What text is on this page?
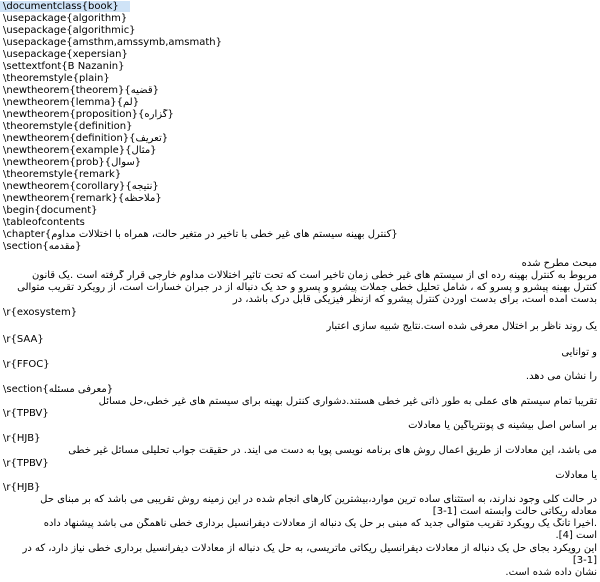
\documentclass{book}
\usepackage{algorithm}
\usepackage{algorithmic}
\usepackage{amsthm,amssymb,amsmath}
\usepackage{xepersian}
\settextfont{B Nazanin}
\theoremstyle{plain}
\newtheorem{theorem}{قضیه}
\newtheorem{lemma}{لم}
\newtheorem{proposition}{گزاره}
\theoremstyle{definition}
\newtheorem{definition}{تعریف}
\newtheorem{example}{مثال}
\newtheorem{prob}{سوال}
\theoremstyle{remark}
\newtheorem{corollary}{نتیجه}
\newtheorem{remark}{ملاحظه}
\begin{document}
\tableofcontents
\chapter{کنترل بهینه سیستم های غیر خطی با تأخیر در متغیر حالت، همراه با اختلالات مداوم}
\section{مقدمه}
مبحث مطرح شده
مربوط به کنترل بهینه رده ای از سیستم های غیر خطی زمان تأخیر است که تحت تأثیر اختلالات مداوم خارجی قرار گرفته است .یک قانون
کنترل بهینه پیشرو و پسرو که ، شامل تحلیل خطی جملات پیشرو و پسرو و حد یک دنباله از در جبران خسارات است، از رویکرد تقریب متوالی
بدست آمده است، برای بدست آوردن کنترل پیشرو که ازنظر فیزیکی قابل درک باشد، در
\r{exosystem}
یک روند ناظر بر اختلال معرفی شده است.نتایج شبیه سازی اعتبار
\r{SAA}
و توانایی
\r{FFOC}
را نشان می دهد.
\section{معرفی مسئله}
تقریباً تمام سیستم های عملی به طور ذاتی غیر خطی هستند.دشواری کنترل بهینه برای سیستم های غیر خطی،حل مسائل
\r{TPBV}
بر اساس اصل بیشینه ی پونتریاگین یا معادلات
\r{HJB}
می باشد، این معادلات از طریق اعمال روش های برنامه نویسی پویا به دست می آیند. در حقیقت جواب تحلیلی مسائل غیر خطی
\r{TPBV}
یا معادلات
\r{HJB}
در حالت کلی وجود ندارند، به استثنای ساده ترین موارد،بیشترین کارهای انجام شده در این زمینه روش تقریبی می باشد که بر مبنای حل
معادله ریکاتی حالت وابسته است [1-3]
.اخیراً تانگ یک رویکرد تقریب متوالی جدید که مبنی بر حل یک دنباله از معادلات دیفرانسیل برداری خطی ناهمگن می باشد پیشنهاد داده
است [4].
این رویکرد بجای حل یک دنباله از معادلات دیفرانسیل ریکاتی ماتریسی، به حل یک دنباله از معادلات دیفرانسیل برداری خطی نیاز دارد، که در
[3-1]
نشان داده شده است.
